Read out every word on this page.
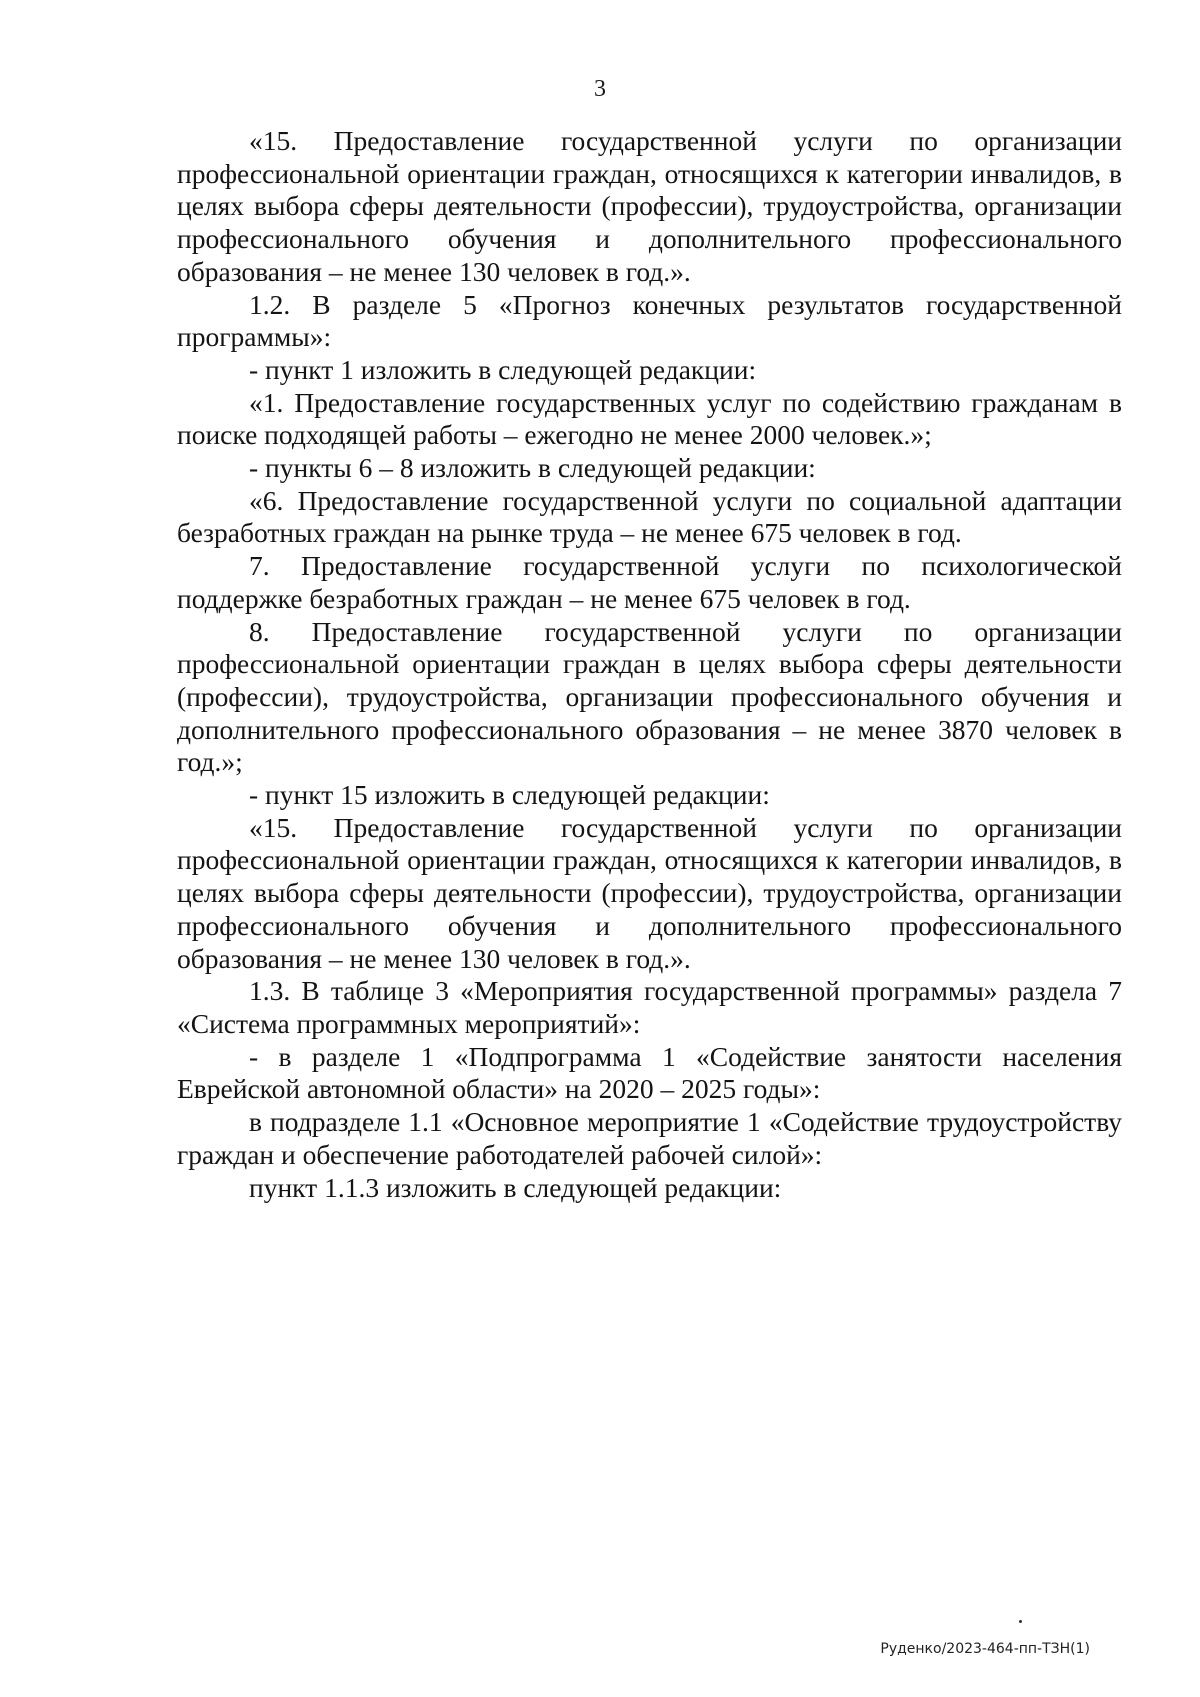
3

«15. Предоставление государственной услуги по организации профессиональной ориентации граждан, относящихся к категории инвалидов, в целях выбора сферы деятельности (профессии), трудоустройства, организации профессионального обучения и дополнительного профессионального образования – не менее 130 человек в год.».

1.2. В разделе 5 «Прогноз конечных результатов государственной программы»:

- пункт 1 изложить в следующей редакции:

«1. Предоставление государственных услуг по содействию гражданам в поиске подходящей работы – ежегодно не менее 2000 человек.»;

- пункты 6 – 8 изложить в следующей редакции:

«6. Предоставление государственной услуги по социальной адаптации безработных граждан на рынке труда – не менее 675 человек в год.

7. Предоставление государственной услуги по психологической поддержке безработных граждан – не менее 675 человек в год.

8. Предоставление государственной услуги по организации профессиональной ориентации граждан в целях выбора сферы деятельности (профессии), трудоустройства, организации профессионального обучения и дополнительного профессионального образования – не менее 3870 человек в год.»;

- пункт 15 изложить в следующей редакции:

«15. Предоставление государственной услуги по организации профессиональной ориентации граждан, относящихся к категории инвалидов, в целях выбора сферы деятельности (профессии), трудоустройства, организации профессионального обучения и дополнительного профессионального образования – не менее 130 человек в год.».

1.3. В таблице 3 «Мероприятия государственной программы» раздела 7 «Система программных мероприятий»:

- в разделе 1 «Подпрограмма 1 «Содействие занятости населения Еврейской автономной области» на 2020 – 2025 годы»:

в подразделе 1.1 «Основное мероприятие 1 «Содействие трудоустройству граждан и обеспечение работодателей рабочей силой»:

пункт 1.1.3 изложить в следующей редакции:

Руденко/2023-464-пп-ТЗН(1)
